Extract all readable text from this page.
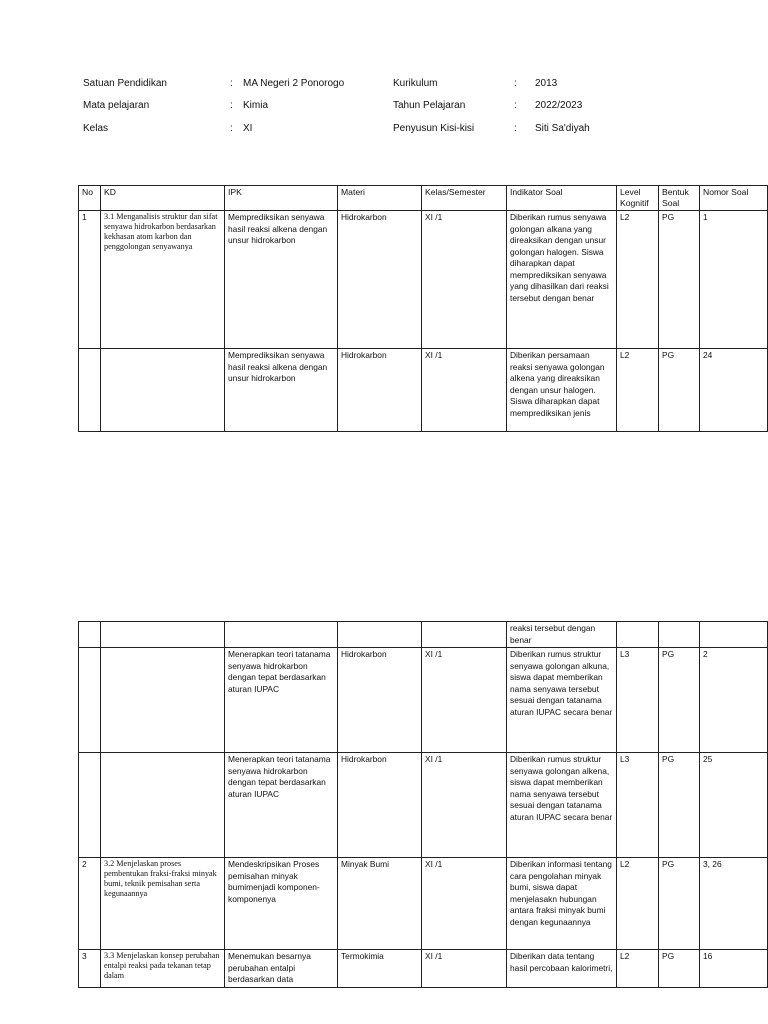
Satuan Pendidikan	: MA Negeri 2 Ponorogo	Kurikulum	: 2013
Mata pelajaran	: Kimia	Tahun Pelajaran	: 2022/2023
Kelas	: XI	Penyusun Kisi-kisi	: Siti Sa'diyah
No	KD	IPK	Materi	Kelas/Semester	Indikator Soal	Level Kognitif	Bentuk Soal	Nomor Soal
1	3.1 Menganalisis struktur dan sifat senyawa hidrokarbon berdasarkan kekhasan atom karbon dan penggolongan senyawanya	Memprediksikan senyawa hasil reaksi alkena dengan unsur hidrokarbon	Hidrokarbon	XI /1	Diberikan rumus senyawa golongan alkana yang direaksikan dengan unsur golongan halogen. Siswa diharapkan dapat memprediksikan senyawa yang dihasilkan dari reaksi tersebut dengan benar	L2	PG	1
		Memprediksikan senyawa hasil reaksi alkena dengan unsur hidrokarbon	Hidrokarbon	XI /1	Diberikan persamaan reaksi senyawa golongan alkena yang direaksikan dengan unsur halogen. Siswa diharapkan dapat memprediksikan jenis	L2	PG	24
					reaksi tersebut dengan benar			
		Menerapkan teori tatanama senyawa hidrokarbon dengan tepat berdasarkan aturan IUPAC	Hidrokarbon	XI /1	Diberikan rumus struktur senyawa golongan alkuna, siswa dapat memberikan nama senyawa tersebut sesuai dengan tatanama aturan IUPAC secara benar	L3	PG	2
		Menerapkan teori tatanama senyawa hidrokarbon dengan tepat berdasarkan aturan IUPAC	Hidrokarbon	XI /1	Diberikan rumus struktur senyawa golongan alkena, siswa dapat memberikan nama senyawa tersebut sesuai dengan tatanama aturan IUPAC secara benar	L3	PG	25
2	3.2 Menjelaskan proses pembentukan fraksi-fraksi minyak bumi, teknik pemisahan serta kegunaannya	Mendeskripsikan Proses pemisahan minyak bumimenjadi komponen-komponenya	Minyak Bumi	XI /1	Diberikan informasi tentang cara pengolahan minyak bumi, siswa dapat menjelasakn hubungan antara fraksi minyak bumi dengan kegunaannya	L2	PG	3, 26
3	3.3 Menjelaskan konsep perubahan entalpi reaksi pada tekanan tetap dalam	Menemukan besarnya perubahan entalpi berdasarkan data	Termokimia	XI /1	Diberikan data tentang hasil percobaan kalorimetri,	L2	PG	16
